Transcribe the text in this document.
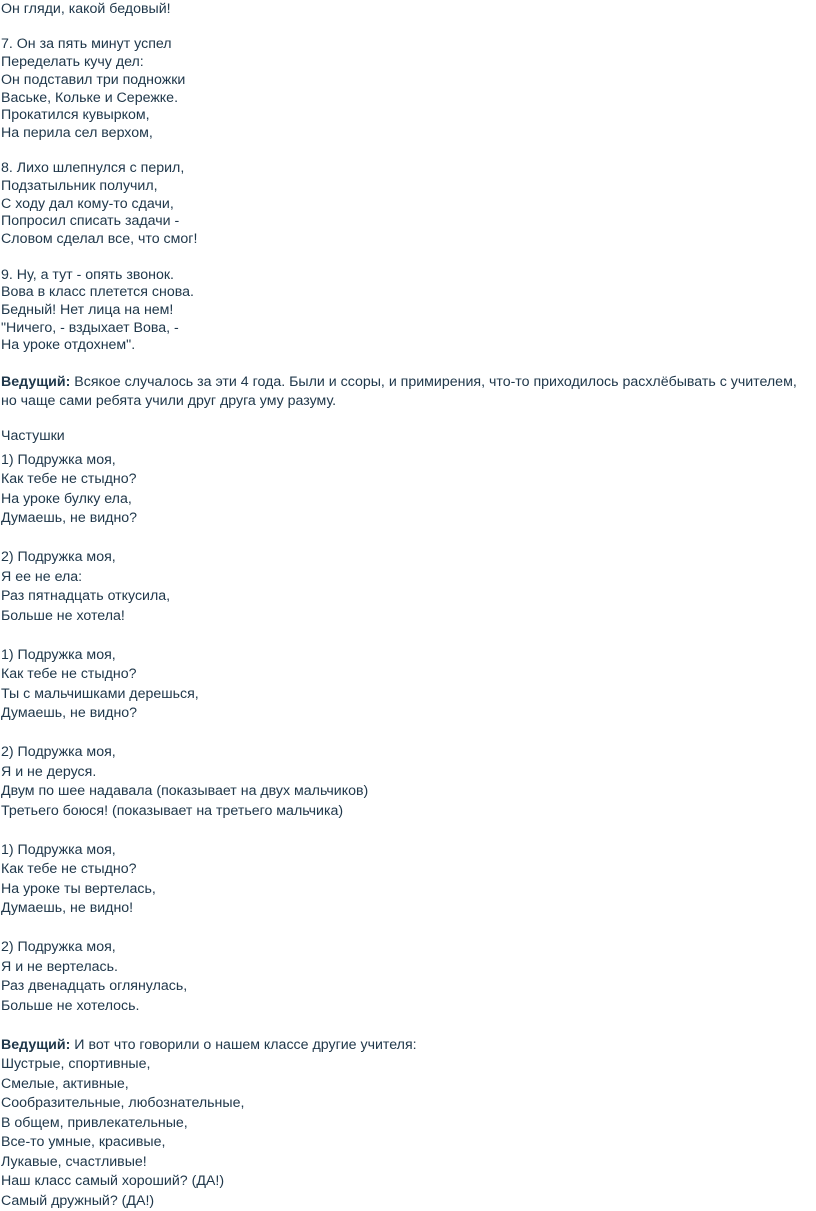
Он гляди, какой бедовый!
7. Он за пять минут успел
Переделать кучу дел:
Он подставил три подножки
Ваське, Кольке и Сережке.
Прокатился кувырком,
На перила сел верхом,
8. Лихо шлепнулся с перил,
Подзатыльник получил,
С ходу дал кому-то сдачи,
Попросил списать задачи -
Словом сделал все, что смог!
9. Ну, а тут - опять звонок.
Вова в класс плетется снова.
Бедный! Нет лица на нем!
"Ничего, - вздыхает Вова, -
На уроке отдохнем".
Ведущий: Всякое случалось за эти 4 года. Были и ссоры, и примирения, что-то приходилось расхлёбывать с учителем, но чаще сами ребята учили друг друга уму разуму.
Частушки
1) Подружка моя,
Как тебе не стыдно?
На уроке булку ела,
Думаешь, не видно?
2) Подружка моя,
Я ее не ела:
Раз пятнадцать откусила,
Больше не хотела!
1) Подружка моя,
Как тебе не стыдно?
Ты с мальчишками дерешься,
Думаешь, не видно?
2) Подружка моя,
Я и не деруся.
Двум по шее надавала (показывает на двух мальчиков)
Третьего боюся! (показывает на третьего мальчика)
1) Подружка моя,
Как тебе не стыдно?
На уроке ты вертелась,
Думаешь, не видно!
2) Подружка моя,
Я и не вертелась.
Раз двенадцать оглянулась,
Больше не хотелось.
Ведущий: И вот что говорили о нашем классе другие учителя:
Шустрые, спортивные,
Смелые, активные,
Сообразительные, любознательные,
В общем, привлекательные,
Все-то умные, красивые,
Лукавые, счастливые!
Наш класс самый хороший? (ДА!)
Самый дружный? (ДА!)
